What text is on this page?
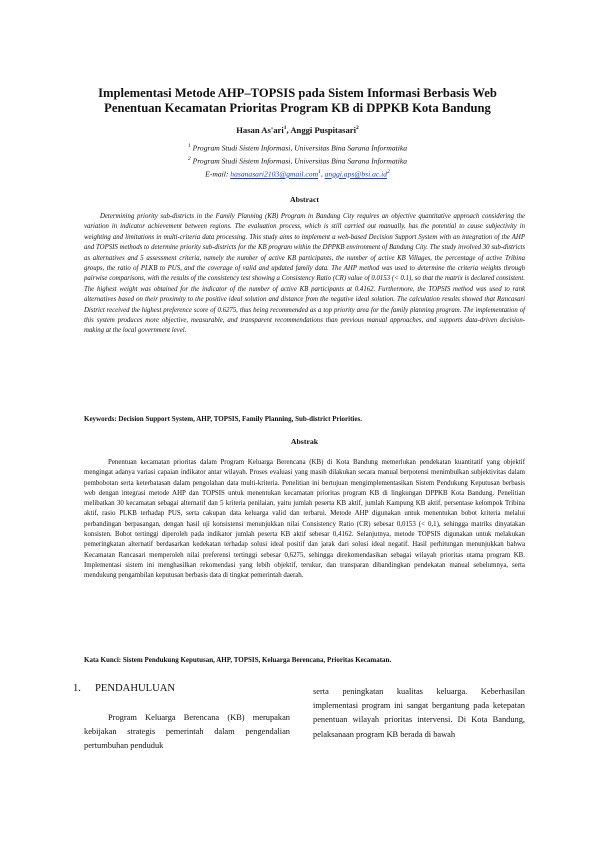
Implementasi Metode AHP–TOPSIS pada Sistem Informasi Berbasis Web
Penentuan Kecamatan Prioritas Program KB di DPPKB Kota Bandung
Hasan As'ari$^1$, Anggi Puspitasari$^2$
$^1$ Program Studi Sistem Informasi, Universitas Bina Sarana Informatika
$^2$ Program Studi Sistem Informasi, Universitas Bina Sarana Informatika
E-mail: hasanasari2103@gmail.com$^1$, $anggi.aps@bsi.ac.id^2$
Abstract
Determining priority sub-districts in the Family Planning (KB) Program in Bandung City requires an objective quantitative approach considering the variation in indicator achievement between regions. The evaluation process, which is still carried out manually, has the potential to cause subjectivity in weighting and limitations in multi-criteria data processing. This study aims to implement a web-based Decision Support System with an integration of the AHP and TOPSIS methods to determine priority sub-districts for the KB program within the DPPKB environment of Bandung City. The study involved 30 sub-districts as alternatives and 5 assessment criteria, namely the number of active KB participants, the number of active KB Villages, the percentage of active Tribina groups, the ratio of PLKB to PUS, and the coverage of valid and updated family data. The AHP method was used to determine the criteria weights through pairwise comparisons, with the results of the consistency test showing a Consistency Ratio (CR) value of 0.0153 (< 0.1), so that the matrix is declared consistent. The highest weight was obtained for the indicator of the number of active KB participants at 0.4162. Furthermore, the TOPSIS method was used to rank alternatives based on their proximity to the positive ideal solution and distance from the negative ideal solution. The calculation results showed that Rancasari District received the highest preference score of 0.6275, thus being recommended as a top priority area for the family planning program. The implementation of this system produces more objective, measurable, and transparent recommendations than previous manual approaches, and supports data-driven decision-making at the local government level.
Keywords: Decision Support System, AHP, TOPSIS, Family Planning, Sub-district Priorities.
Abstrak
Penentuan kecamatan prioritas dalam Program Keluarga Berencana (KB) di Kota Bandung memerlukan pendekatan kuantitatif yang objektif mengingat adanya variasi capaian indikator antar wilayah. Proses evaluasi yang masih dilakukan secara manual berpotensi menimbulkan subjektivitas dalam pembobotan serta keterbatasan dalam pengolahan data multi-kriteria. Penelitian ini bertujuan mengimplementasikan Sistem Pendukung Keputusan berbasis web dengan integrasi metode AHP dan TOPSIS untuk menentukan kecamatan prioritas program KB di lingkungan DPPKB Kota Bandung. Penelitian melibatkan 30 kecamatan sebagai alternatif dan 5 kriteria penilaian, yaitu jumlah peserta KB aktif, jumlah Kampung KB aktif, persentase kelompok Tribina aktif, rasio PLKB terhadap PUS, serta cakupan data keluarga valid dan terbarui. Metode AHP digunakan untuk menentukan bobot kriteria melalui perbandingan berpasangan, dengan hasil uji konsistensi menunjukkan nilai Consistency Ratio (CR) sebesar 0,0153 (< 0,1), sehingga matriks dinyatakan konsisten. Bobot tertinggi diperoleh pada indikator jumlah peserta KB aktif sebesar 0,4162. Selanjutnya, metode TOPSIS digunakan untuk melakukan pemeringkatan alternatif berdasarkan kedekatan terhadap solusi ideal positif dan jarak dari solusi ideal negatif. Hasil perhitungan menunjukkan bahwa Kecamatan Rancasari memperoleh nilai preferensi tertinggi sebesar 0,6275, sehingga direkomendasikan sebagai wilayah prioritas utama program KB. Implementasi sistem ini menghasilkan rekomendasi yang lebih objektif, terukur, dan transparan dibandingkan pendekatan manual sebelumnya, serta mendukung pengambilan keputusan berbasis data di tingkat pemerintah daerah.
Kata Kunci: Sistem Pendukung Keputusan, AHP, TOPSIS, Keluarga Berencana, Prioritas Kecamatan.
1. PENDAHULUAN
Program Keluarga Berencana (KB) merupakan kebijakan strategis pemerintah dalam pengendalian pertumbuhan penduduk
serta peningkatan kualitas keluarga. Keberhasilan implementasi program ini sangat bergantung pada ketepatan penentuan wilayah prioritas intervensi. Di Kota Bandung, pelaksanaan program KB berada di bawah
